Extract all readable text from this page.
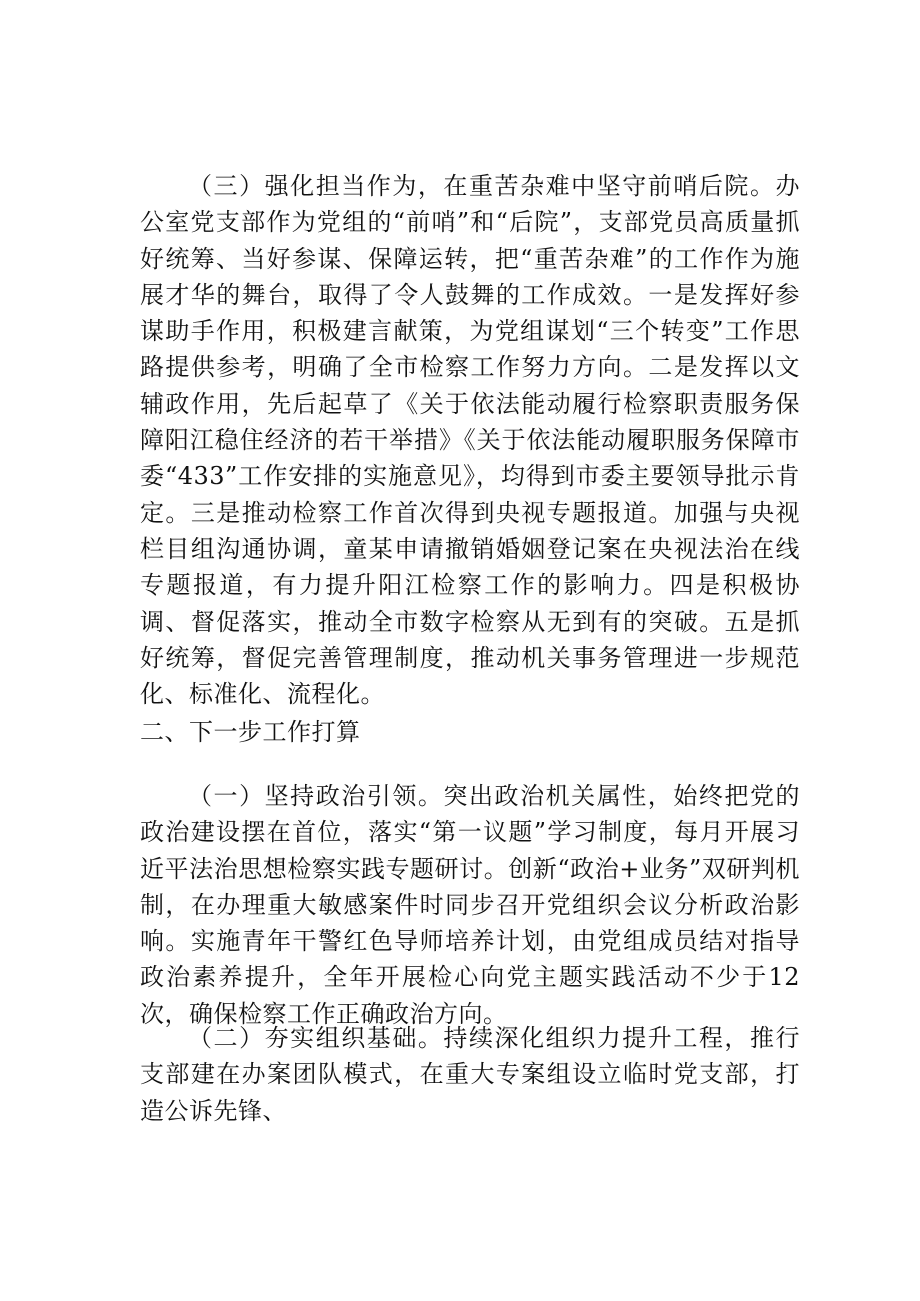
（三）强化担当作为，在重苦杂难中坚守前哨后院。办公室党支部作为党组的“前哨”和“后院”，支部党员高质量抓好统筹、当好参谋、保障运转，把“重苦杂难”的工作作为施展才华的舞台，取得了令人鼓舞的工作成效。一是发挥好参谋助手作用，积极建言献策，为党组谋划“三个转变”工作思路提供参考，明确了全市检察工作努力方向。二是发挥以文辅政作用，先后起草了《关于依法能动履行检察职责服务保障阳江稳住经济的若干举措》《关于依法能动履职服务保障市委“433”工作安排的实施意见》，均得到市委主要领导批示肯定。三是推动检察工作首次得到央视专题报道。加强与央视栏目组沟通协调，童某申请撤销婚姻登记案在央视法治在线专题报道，有力提升阳江检察工作的影响力。四是积极协调、督促落实，推动全市数字检察从无到有的突破。五是抓好统筹，督促完善管理制度，推动机关事务管理进一步规范化、标准化、流程化。

二、下一步工作打算

（一）坚持政治引领。突出政治机关属性，始终把党的政治建设摆在首位，落实“第一议题”学习制度，每月开展习近平法治思想检察实践专题研讨。创新“政治+业务”双研判机制，在办理重大敏感案件时同步召开党组织会议分析政治影响。实施青年干警红色导师培养计划，由党组成员结对指导政治素养提升，全年开展检心向党主题实践活动不少于12次，确保检察工作正确政治方向。

（二）夯实组织基础。持续深化组织力提升工程，推行支部建在办案团队模式，在重大专案组设立临时党支部，打造公诉先锋、
